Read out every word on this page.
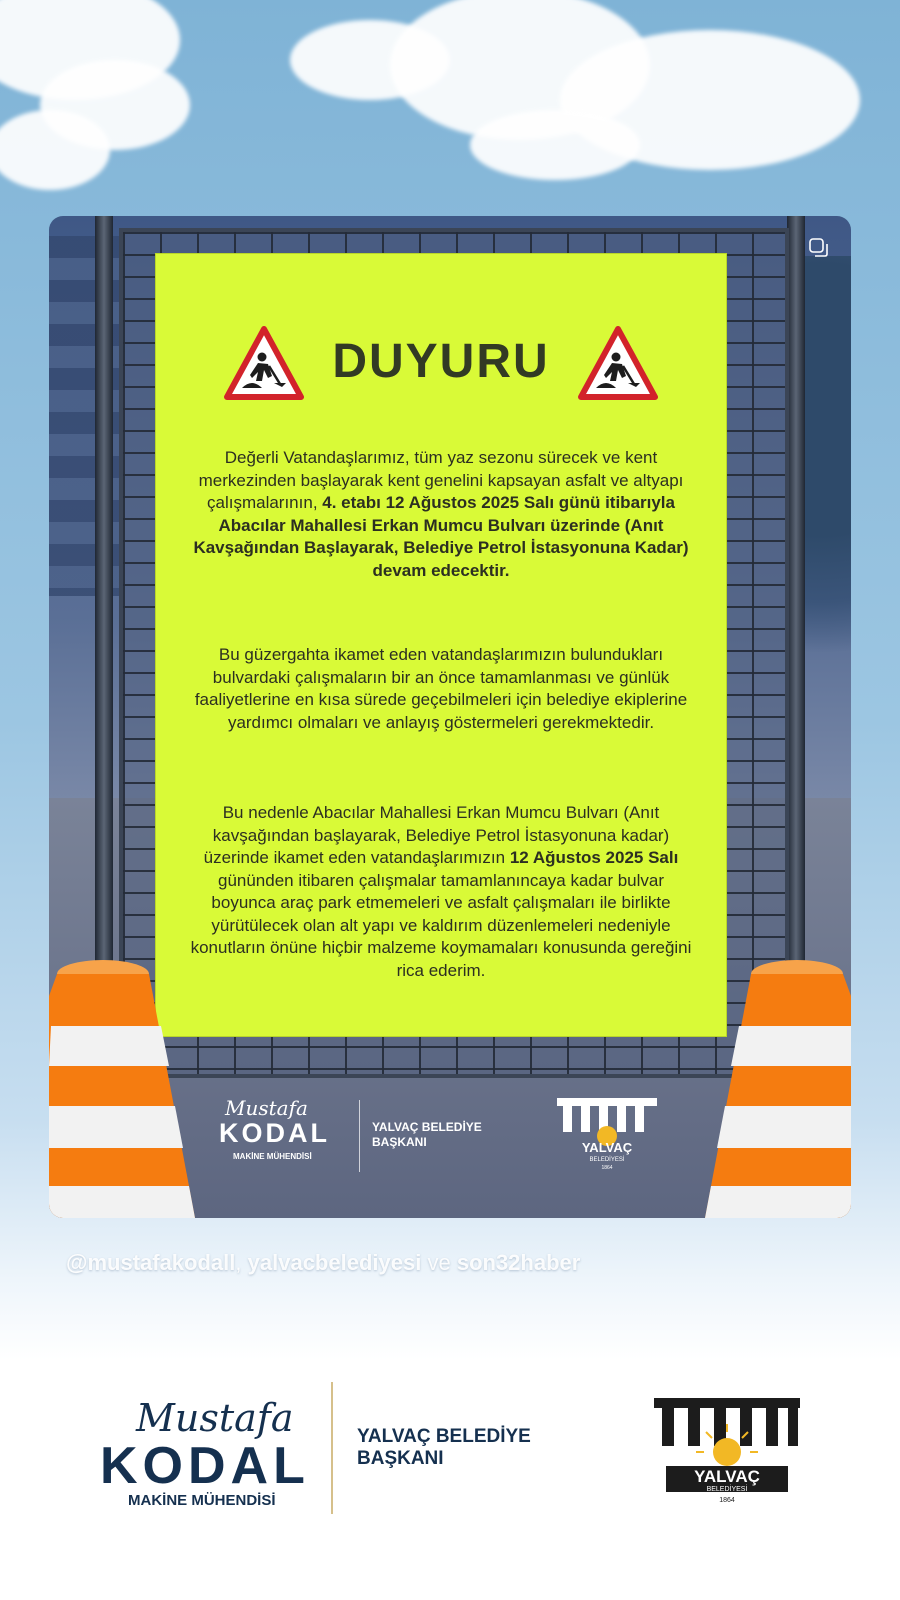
DUYURU

Değerli Vatandaşlarımız, tüm yaz sezonu sürecek ve kent merkezinden başlayarak kent genelini kapsayan asfalt ve altyapı çalışmalarının, 4. etabı 12 Ağustos 2025 Salı günü itibarıyla Abacılar Mahallesi Erkan Mumcu Bulvarı üzerinde (Anıt Kavşağından Başlayarak, Belediye Petrol İstasyonuna Kadar) devam edecektir.

Bu güzergahta ikamet eden vatandaşlarımızın bulundukları bulvardaki çalışmaların bir an önce tamamlanması ve günlük faaliyetlerine en kısa sürede geçebilmeleri için belediye ekiplerine yardımcı olmaları ve anlayış göstermeleri gerekmektedir.

Bu nedenle Abacılar Mahallesi Erkan Mumcu Bulvarı (Anıt kavşağından başlayarak, Belediye Petrol İstasyonuna kadar) üzerinde ikamet eden vatandaşlarımızın 12 Ağustos 2025 Salı gününden itibaren çalışmalar tamamlanıncaya kadar bulvar boyunca araç park etmemeleri ve asfalt çalışmaları ile birlikte yürütülecek olan alt yapı ve kaldırım düzenlemeleri nedeniyle konutların önüne hiçbir malzeme koymamaları konusunda gereğini rica ederim.

Mustafa
KODAL
MAKİNE MÜHENDİSİ
YALVAÇ BELEDİYE BAŞKANI	YALVAÇ
BELEDİYESİ
1864
@mustafakodall, yalvacbelediyesi ve son32haber
Mustafa
KODAL
MAKİNE MÜHENDİSİ
YALVAÇ BELEDİYE BAŞKANI
YALVAÇ
BELEDİYESİ
1864
